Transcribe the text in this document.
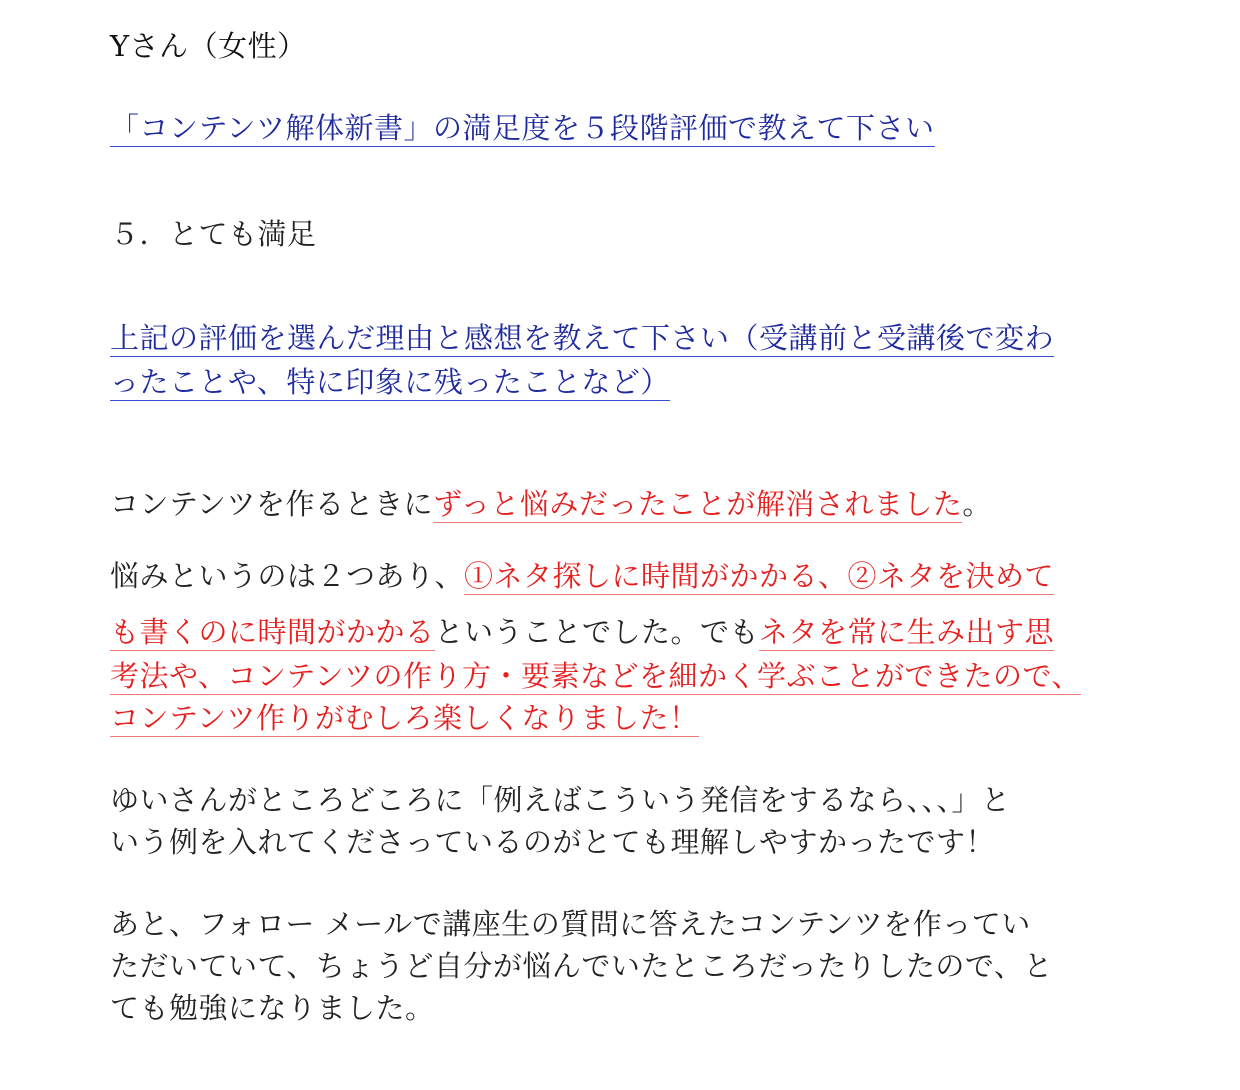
Yさん（女性）
「コンテンツ解体新書」の満足度を５段階評価で教えて下さい
５．とても満足
上記の評価を選んだ理由と感想を教えて下さい（受講前と受講後で変わ
ったことや、特に印象に残ったことなど）
コンテンツを作るときにずっと悩みだったことが解消されました。
悩みというのは２つあり、①ネタ探しに時間がかかる、②ネタを決めて
も書くのに時間がかかるということでした。でもネタを常に生み出す思
考法や、コンテンツの作り方・要素などを細かく学ぶことができたので、
コンテンツ作りがむしろ楽しくなりました！
ゆいさんがところどころに「例えばこういう発信をするなら、、、」と
いう例を入れてくださっているのがとても理解しやすかったです！
あと、フォロー メールで講座生の質問に答えたコンテンツを作ってい
ただいていて、ちょうど自分が悩んでいたところだったりしたので、と
ても勉強になりました。
